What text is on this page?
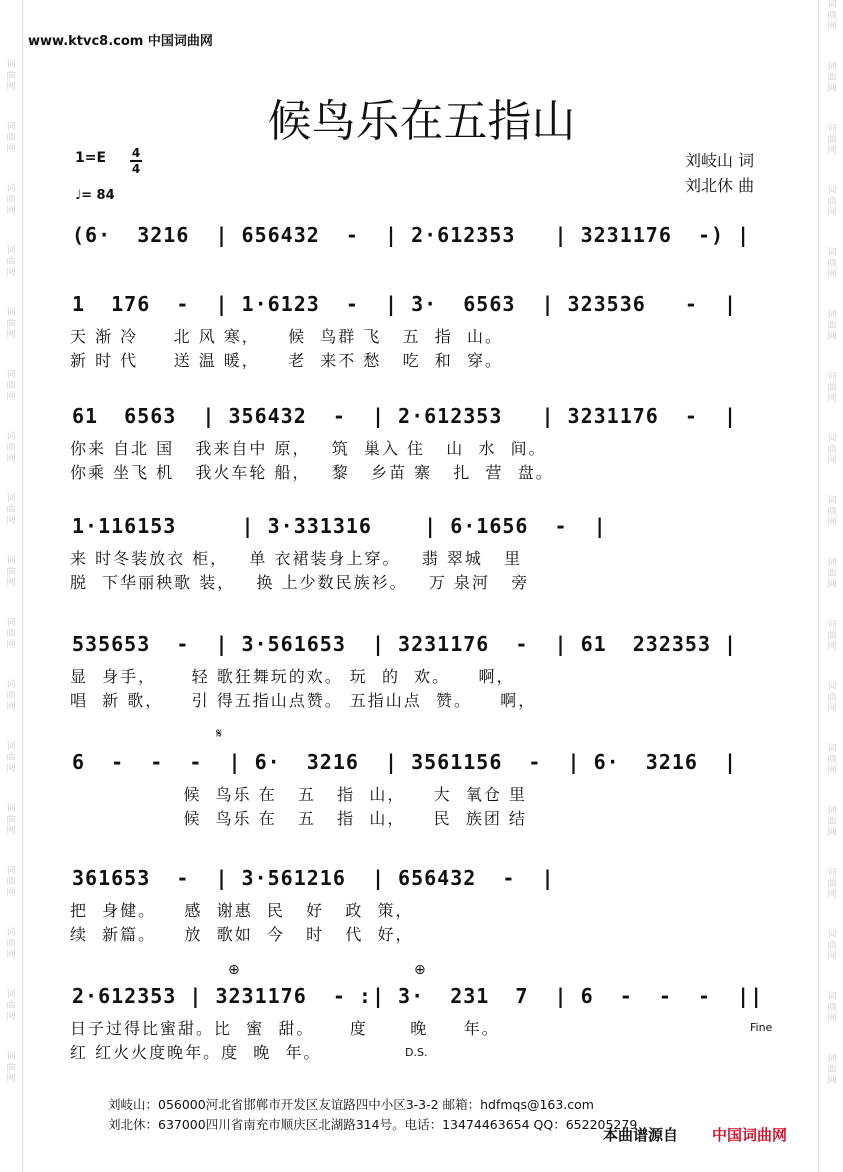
词
曲
网
词
曲
网
词
曲
网
词
曲
网
词
曲
网
词
曲
网
词
曲
网
词
曲
网
词
曲
网
词
曲
网
词
曲
网
词
曲
网
词
曲
网
词
曲
网
词
曲
网
词
曲
网
词
曲
网
词
曲
网
词
曲
网
词
曲
网
词
曲
网
词
曲
网
词
曲
网
词
曲
网
词
曲
网
词
曲
网
词
曲
网
词
曲
网
词
曲
网
词
曲
网
词
曲
网
词
曲
网
词
曲
网
词
曲
网
词
曲
网
www.ktvc8.com 中国词曲网
候鸟乐在五指山
1=E 4
4
♩= 84
刘岐山 词
刘北休 曲
(6·  3216  | 656432  -  | 2·612353   | 3231176  -) |
1  176  -  | 1·6123  -  | 3·  6563  | 323536   -  |
天 渐 冷     北 风 寒，    候  鸟群 飞   五  指  山。
新 时 代     送 温 暖，    老  来不 愁   吃  和  穿。
61  6563  | 356432  -  | 2·612353   | 3231176  -  |
你来 自北 国   我来自中 原，   筑  巢入 住   山  水  间。
你乘 坐飞 机   我火车轮 船，   黎   乡苗 寨   扎  营  盘。
1·116153     | 3·331316    | 6·1656  -  |
来 时冬装放衣 柜，   单 衣裙装身上穿。   翡 翠城   里
脱  下华丽秧歌 装，   换 上少数民族衫。   万 泉河   旁
535653  -  | 3·561653  | 3231176  -  | 61  232353 |
显  身手，     轻 歌狂舞玩的欢。 玩  的  欢。    啊，
唱  新 歌，    引 得五指山点赞。 五指山点  赞。    啊，
𝄋
6  -  -  -  | 6·  3216  | 3561156  -  | 6·  3216  |
候  鸟乐 在   五   指  山，    大  氧仓 里
候  鸟乐 在   五   指  山，    民  族团 结
361653  -  | 3·561216  | 656432  -  |
把  身健。    感  谢惠  民   好   政  策，
续  新篇。    放  歌如  今   时   代  好，
⊕	⊕
2·612353 | 3231176  - :| 3·  231  7  | 6  -  -  -  ||
日子过得比蜜甜。比  蜜  甜。     度      晚     年。
红 红火火度晚年。度  晚  年。
Fine
D.S.
刘岐山：056000河北省邯郸市开发区友谊路四中小区3-3-2 邮箱：hdfmqs@163.com
刘北休：637000四川省南充市顺庆区北湖路314号。电话：13474463654 QQ：652205279
本曲谱源自 中国词曲网
